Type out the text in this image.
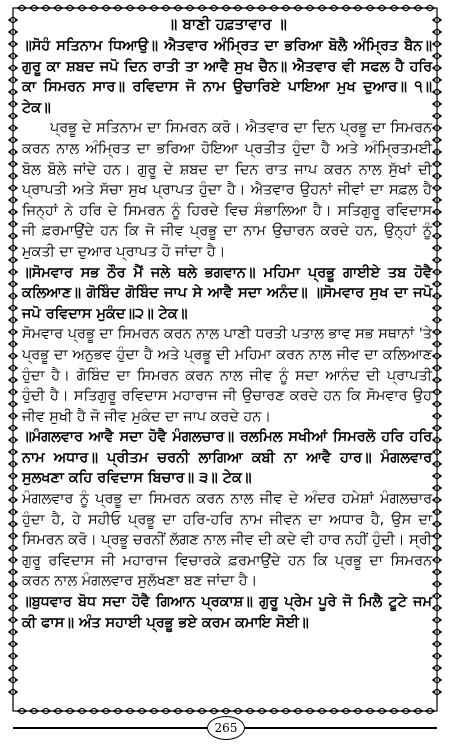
॥ ਬਾਣੀ ਹਫ਼ਤਾਵਾਰ ॥

॥ਸੋਹੰ ਸਤਿਨਾਮ ਧਿਆਉ॥ ਐਤਵਾਰ ਅੰਮ੍ਰਿਤ ਦਾ ਭਰਿਆ ਬੋਲੈ ਅੰਮ੍ਰਿਤ ਬੈਨ॥ ਗੁਰੂ ਕਾ ਸ਼ਬਦ ਜਪੋ ਦਿਨ ਰਾਤੀ ਤਾ ਆਵੈ ਸੁਖ ਚੈਨ॥ ਐਤਵਾਰ ਵੀ ਸਫਲ ਹੈ ਹਰਿ ਕਾ ਸਿਮਰਨ ਸਾਰ॥ ਰਵਿਦਾਸ ਜੋ ਨਾਮ ਉਚਾਰਿਏ ਪਾਇਆ ਮੁਖ ਦੁਆਰ॥ ੧॥ ਟੇਕ॥

ਪ੍ਰਭੂ ਦੇ ਸਤਿਨਾਮ ਦਾ ਸਿਮਰਨ ਕਰੋ। ਐਤਵਾਰ ਦਾ ਦਿਨ ਪ੍ਰਭੂ ਦਾ ਸਿਮਰਨ ਕਰਨ ਨਾਲ ਅੰਮ੍ਰਿਤ ਦਾ ਭਰਿਆ ਹੋਇਆ ਪ੍ਰਤੀਤ ਹੁੰਦਾ ਹੈ ਅਤੇ ਅੰਮ੍ਰਿਤਮਈ ਬੋਲ ਬੋਲੇ ਜਾਂਦੇ ਹਨ। ਗੁਰੂ ਦੇ ਸ਼ਬਦ ਦਾ ਦਿਨ ਰਾਤ ਜਾਪ ਕਰਨ ਨਾਲ ਸੁੱਖਾਂ ਦੀ ਪ੍ਰਾਪਤੀ ਅਤੇ ਸੱਚਾ ਸੁਖ ਪ੍ਰਾਪਤ ਹੁੰਦਾ ਹੈ। ਐਤਵਾਰ ਉਹਨਾਂ ਜੀਵਾਂ ਦਾ ਸਫ਼ਲ ਹੈ ਜਿਨ੍ਹਾਂ ਨੇ ਹਰਿ ਦੇ ਸਿਮਰਨ ਨੂੰ ਹਿਰਦੇ ਵਿਚ ਸੰਭਾਲਿਆ ਹੈ। ਸਤਿਗੁਰੂ ਰਵਿਦਾਸ ਜੀ ਫ਼ਰਮਾਉਂਦੇ ਹਨ ਕਿ ਜੋ ਜੀਵ ਪ੍ਰਭੂ ਦਾ ਨਾਮ ਉਚਾਰਨ ਕਰਦੇ ਹਨ, ਉਨ੍ਹਾਂ ਨੂੰ ਮੁਕਤੀ ਦਾ ਦੁਆਰ ਪ੍ਰਾਪਤ ਹੋ ਜਾਂਦਾ ਹੈ।

॥ਸੋਮਵਾਰ ਸਭ ਠੌਰ ਮੈਂ ਜਲੇ ਥਲੇ ਭਗਵਾਨ॥ ਮਹਿਮਾ ਪ੍ਰਭੂ ਗਾਈਏ ਤਬ ਹੋਵੈ ਕਲਿਆਣ॥ ਗੋਬਿੰਦ ਗੋਬਿੰਦ ਜਾਪ ਸੇ ਆਵੈ ਸਦਾ ਅਨੰਦ॥ ॥ਸੋਮਵਾਰ ਸੁਖ ਦਾ ਜਪੋ ਜਪੋ ਰਵਿਦਾਸ ਮੁਕੰਦ॥੨॥ ਟੇਕ॥

ਸੋਮਵਾਰ ਪ੍ਰਭੂ ਦਾ ਸਿਮਰਨ ਕਰਨ ਨਾਲ ਪਾਣੀ ਧਰਤੀ ਪਤਾਲ ਭਾਵ ਸਭ ਸਥਾਨਾਂ 'ਤੇ ਪ੍ਰਭੂ ਦਾ ਅਨੁਭਵ ਹੁੰਦਾ ਹੈ ਅਤੇ ਪ੍ਰਭੂ ਦੀ ਮਹਿਮਾ ਕਰਨ ਨਾਲ ਜੀਵ ਦਾ ਕਲਿਆਣ ਹੁੰਦਾ ਹੈ। ਗੋਬਿੰਦ ਦਾ ਸਿਮਰਨ ਕਰਨ ਨਾਲ ਜੀਵ ਨੂੰ ਸਦਾ ਆਨੰਦ ਦੀ ਪ੍ਰਾਪਤੀ ਹੁੰਦੀ ਹੈ। ਸਤਿਗੁਰੂ ਰਵਿਦਾਸ ਮਹਾਰਾਜ ਜੀ ਉਚਾਰਣ ਕਰਦੇ ਹਨ ਕਿ ਸੋਮਵਾਰ ਉਹ ਜੀਵ ਸੁਖੀ ਹੈ ਜੋ ਜੀਵ ਮੁਕੰਦ ਦਾ ਜਾਪ ਕਰਦੇ ਹਨ।

॥ਮੰਗਲਵਾਰ ਆਵੈ ਸਦਾ ਹੋਵੈ ਮੰਗਲਚਾਰ॥ ਰਲਮਿਲ ਸਖੀਆਂ ਸਿਮਰਲੋ ਹਰਿ ਹਰਿ ਨਾਮ ਅਧਾਰ॥ ਪ੍ਰੀਤਮ ਚਰਨੀ ਲਾਗਿਆ ਕਬੀ ਨਾ ਆਵੈ ਹਾਰ॥ ਮੰਗਲਵਾਰ ਸੁਲਖਣਾ ਕਹਿ ਰਵਿਦਾਸ ਬਿਚਾਰ॥ ੩॥ ਟੇਕ॥

ਮੰਗਲਵਾਰ ਨੂੰ ਪ੍ਰਭੂ ਦਾ ਸਿਮਰਨ ਕਰਨ ਨਾਲ ਜੀਵ ਦੇ ਅੰਦਰ ਹਮੇਸ਼ਾਂ ਮੰਗਲਚਾਰ ਹੁੰਦਾ ਹੈ, ਹੇ ਸਹੀਓ ਪ੍ਰਭੂ ਦਾ ਹਰਿ-ਹਰਿ ਨਾਮ ਜੀਵਨ ਦਾ ਅਧਾਰ ਹੈ, ਉਸ ਦਾ ਸਿਮਰਨ ਕਰੋ। ਪ੍ਰਭੂ ਚਰਨੀਂ ਲੱਗਣ ਨਾਲ ਜੀਵ ਦੀ ਕਦੇ ਵੀ ਹਾਰ ਨਹੀਂ ਹੁੰਦੀ। ਸ੍ਰੀ ਗੁਰੂ ਰਵਿਦਾਸ ਜੀ ਮਹਾਰਾਜ ਵਿਚਾਰਕੇ ਫ਼ਰਮਾਉਂਦੇ ਹਨ ਕਿ ਪ੍ਰਭੂ ਦਾ ਸਿਮਰਨ ਕਰਨ ਨਾਲ ਮੰਗਲਵਾਰ ਸੁਲੱਖਣਾ ਬਣ ਜਾਂਦਾ ਹੈ।

॥ਬੁਧਵਾਰ ਬੋਧ ਸਦਾ ਹੋਵੈ ਗਿਆਨ ਪ੍ਰਕਾਸ਼॥ ਗੁਰੂ ਪ੍ਰੇਮ ਪੂਰੇ ਜੋ ਮਿਲੈ ਟੂਟੇ ਜਮ ਕੀ ਫਾਸ॥ ਅੰਤ ਸਹਾਈ ਪ੍ਰਭੂ ਭਏ ਕਰਮ ਕਮਾਇ ਸੋਈ॥

265
